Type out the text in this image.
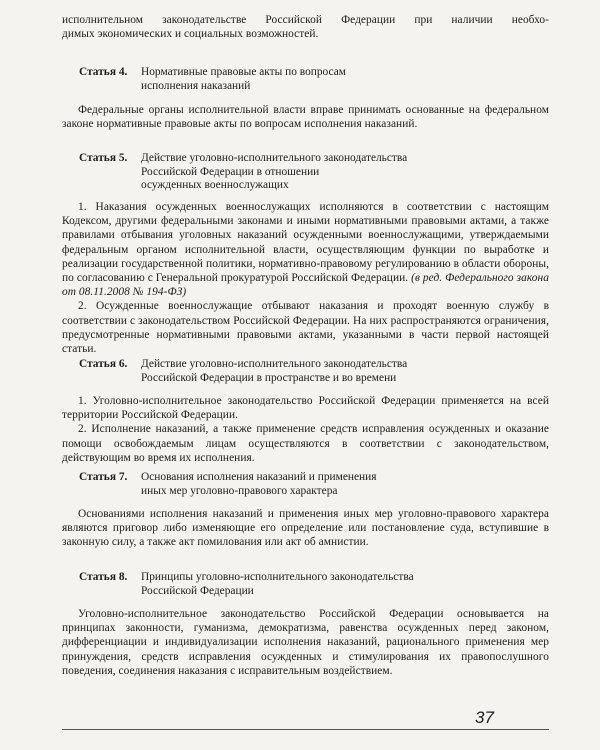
исполнительном законодательстве Российской Федерации при наличии необхо-

димых экономических и социальных возможностей.

Статья 4. Нормативные правовые акты по вопросам
исполнения наказаний

Федеральные органы исполнительной власти вправе принимать основанные на федеральном законе нормативные правовые акты по вопросам исполнения наказаний.

Статья 5. Действие уголовно-исполнительного законодательства
Российской Федерации в отношении
осужденных военнослужащих

1. Наказания осужденных военнослужащих исполняются в соответствии с настоящим Кодексом, другими федеральными законами и иными нормативными правовыми актами, а также правилами отбывания уголовных наказаний осужденными военнослужащими, утверждаемыми федеральным органом исполнительной власти, осуществляющим функции по выработке и реализации государственной политики, нормативно-правовому регулированию в области обороны, по согласованию с Генеральной прокуратурой Российской Федерации. (в ред. Федерального закона от 08.11.2008 № 194-ФЗ)

2. Осужденные военнослужащие отбывают наказания и проходят военную службу в соответствии с законодательством Российской Федерации. На них распространяются ограничения, предусмотренные нормативными правовыми актами, указанными в части первой настоящей статьи.

Статья 6. Действие уголовно-исполнительного законодательства
Российской Федерации в пространстве и во времени

1. Уголовно-исполнительное законодательство Российской Федерации применяется на всей территории Российской Федерации.

2. Исполнение наказаний, а также применение средств исправления осужденных и оказание помощи освобождаемым лицам осуществляются в соответствии с законодательством, действующим во время их исполнения.

Статья 7. Основания исполнения наказаний и применения
иных мер уголовно-правового характера

Основаниями исполнения наказаний и применения иных мер уголовно-правового характера являются приговор либо изменяющие его определение или постановление суда, вступившие в законную силу, а также акт помилования или акт об амнистии.

Статья 8. Принципы уголовно-исполнительного законодательства
Российской Федерации

Уголовно-исполнительное законодательство Российской Федерации основывается на принципах законности, гуманизма, демократизма, равенства осужденных перед законом, дифференциации и индивидуализации исполнения наказаний, рационального применения мер принуждения, средств исправления осужденных и стимулирования их правопослушного поведения, соединения наказания с исправительным воздействием.

37
